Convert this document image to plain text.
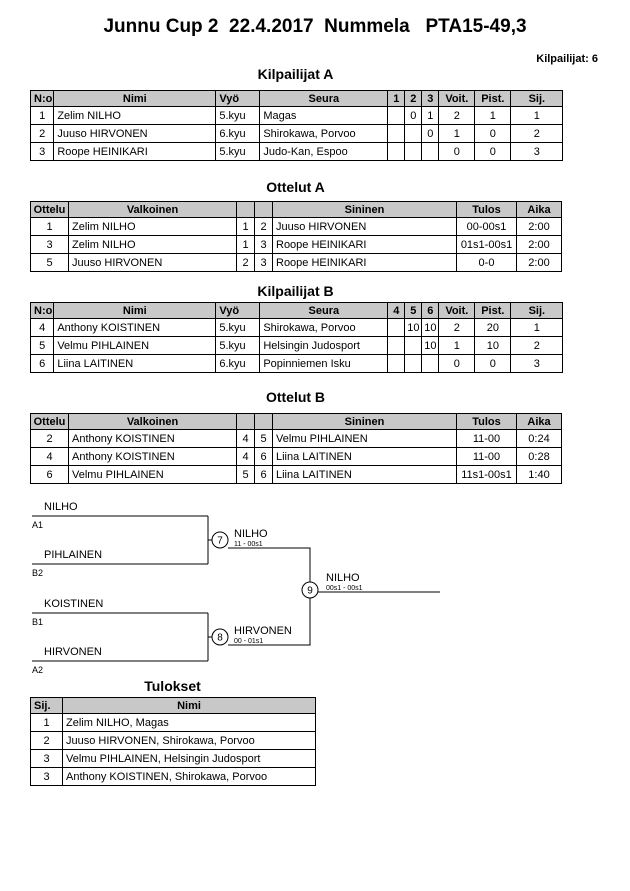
Junnu Cup 2  22.4.2017  Nummela   PTA15-49,3
Kilpailijat: 6
Kilpailijat A
N:o	Nimi	Vyö	Seura	1	2	3	Voit.	Pist.	Sij.
1	Zelim NILHO	5.kyu	Magas		0	1	2	1	1
2	Juuso HIRVONEN	6.kyu	Shirokawa, Porvoo			0	1	0	2
3	Roope HEINIKARI	5.kyu	Judo-Kan, Espoo				0	0	3
Ottelut A
Ottelu	Valkoinen			Sininen	Tulos	Aika
1	Zelim NILHO	1	2	Juuso HIRVONEN	00-00s1	2:00
3	Zelim NILHO	1	3	Roope HEINIKARI	01s1-00s1	2:00
5	Juuso HIRVONEN	2	3	Roope HEINIKARI	0-0	2:00
Kilpailijat B
N:o	Nimi	Vyö	Seura	4	5	6	Voit.	Pist.	Sij.
4	Anthony KOISTINEN	5.kyu	Shirokawa, Porvoo		10	10	2	20	1
5	Velmu PIHLAINEN	5.kyu	Helsingin Judosport			10	1	10	2
6	Liina LAITINEN	6.kyu	Popinniemen Isku				0	0	3
Ottelut B
Ottelu	Valkoinen			Sininen	Tulos	Aika
2	Anthony KOISTINEN	4	5	Velmu PIHLAINEN	11-00	0:24
4	Anthony KOISTINEN	4	6	Liina LAITINEN	11-00	0:28
6	Velmu PIHLAINEN	5	6	Liina LAITINEN	11s1-00s1	1:40
NILHO
A1
PIHLAINEN
B2
7
NILHO
11 - 00s1
9
NILHO
00s1 - 00s1
KOISTINEN
B1
HIRVONEN
A2
8
HIRVONEN
00 - 01s1
Tulokset
Sij.	Nimi
1	Zelim NILHO, Magas
2	Juuso HIRVONEN, Shirokawa, Porvoo
3	Velmu PIHLAINEN, Helsingin Judosport
3	Anthony KOISTINEN, Shirokawa, Porvoo
